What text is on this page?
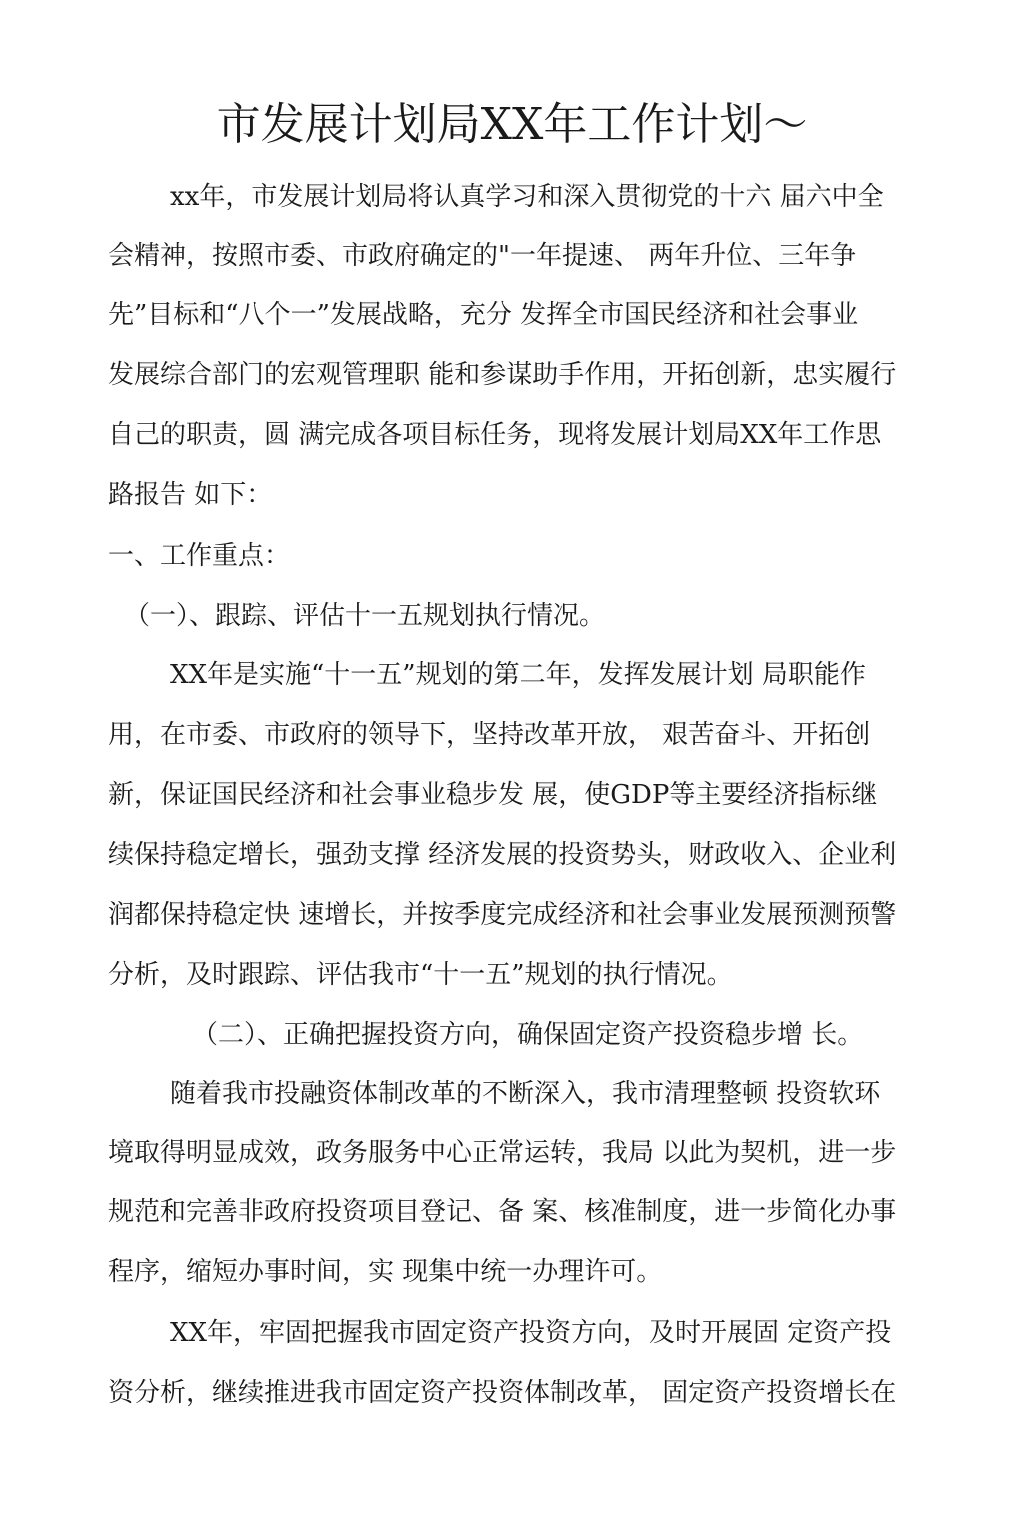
市发展计划局XX年工作计划～

xx年，市发展计划局将认真学习和深入贯彻党的十六 届六中全

会精神，按照市委、市政府确定的"一年提速、 两年升位、三年争

先”目标和“八个一”发展战略，充分 发挥全市国民经济和社会事业

发展综合部门的宏观管理职 能和参谋助手作用，开拓创新，忠实履行

自己的职责，圆 满完成各项目标任务，现将发展计划局XX年工作思

路报告 如下：

一、工作重点：

（一）、跟踪、评估十一五规划执行情况。

XX年是实施“十一五”规划的第二年，发挥发展计划 局职能作

用，在市委、市政府的领导下，坚持改革开放， 艰苦奋斗、开拓创

新，保证国民经济和社会事业稳步发 展，使GDP等主要经济指标继

续保持稳定增长，强劲支撑 经济发展的投资势头，财政收入、企业利

润都保持稳定快 速增长，并按季度完成经济和社会事业发展预测预警

分析，及时跟踪、评估我市“十一五”规划的执行情况。

（二）、正确把握投资方向，确保固定资产投资稳步增 长。

随着我市投融资体制改革的不断深入，我市清理整顿 投资软环

境取得明显成效，政务服务中心正常运转，我局 以此为契机，进一步

规范和完善非政府投资项目登记、备 案、核准制度，进一步简化办事

程序，缩短办事时间，实 现集中统一办理许可。

XX年，牢固把握我市固定资产投资方向，及时开展固 定资产投

资分析，继续推进我市固定资产投资体制改革， 固定资产投资增长在
